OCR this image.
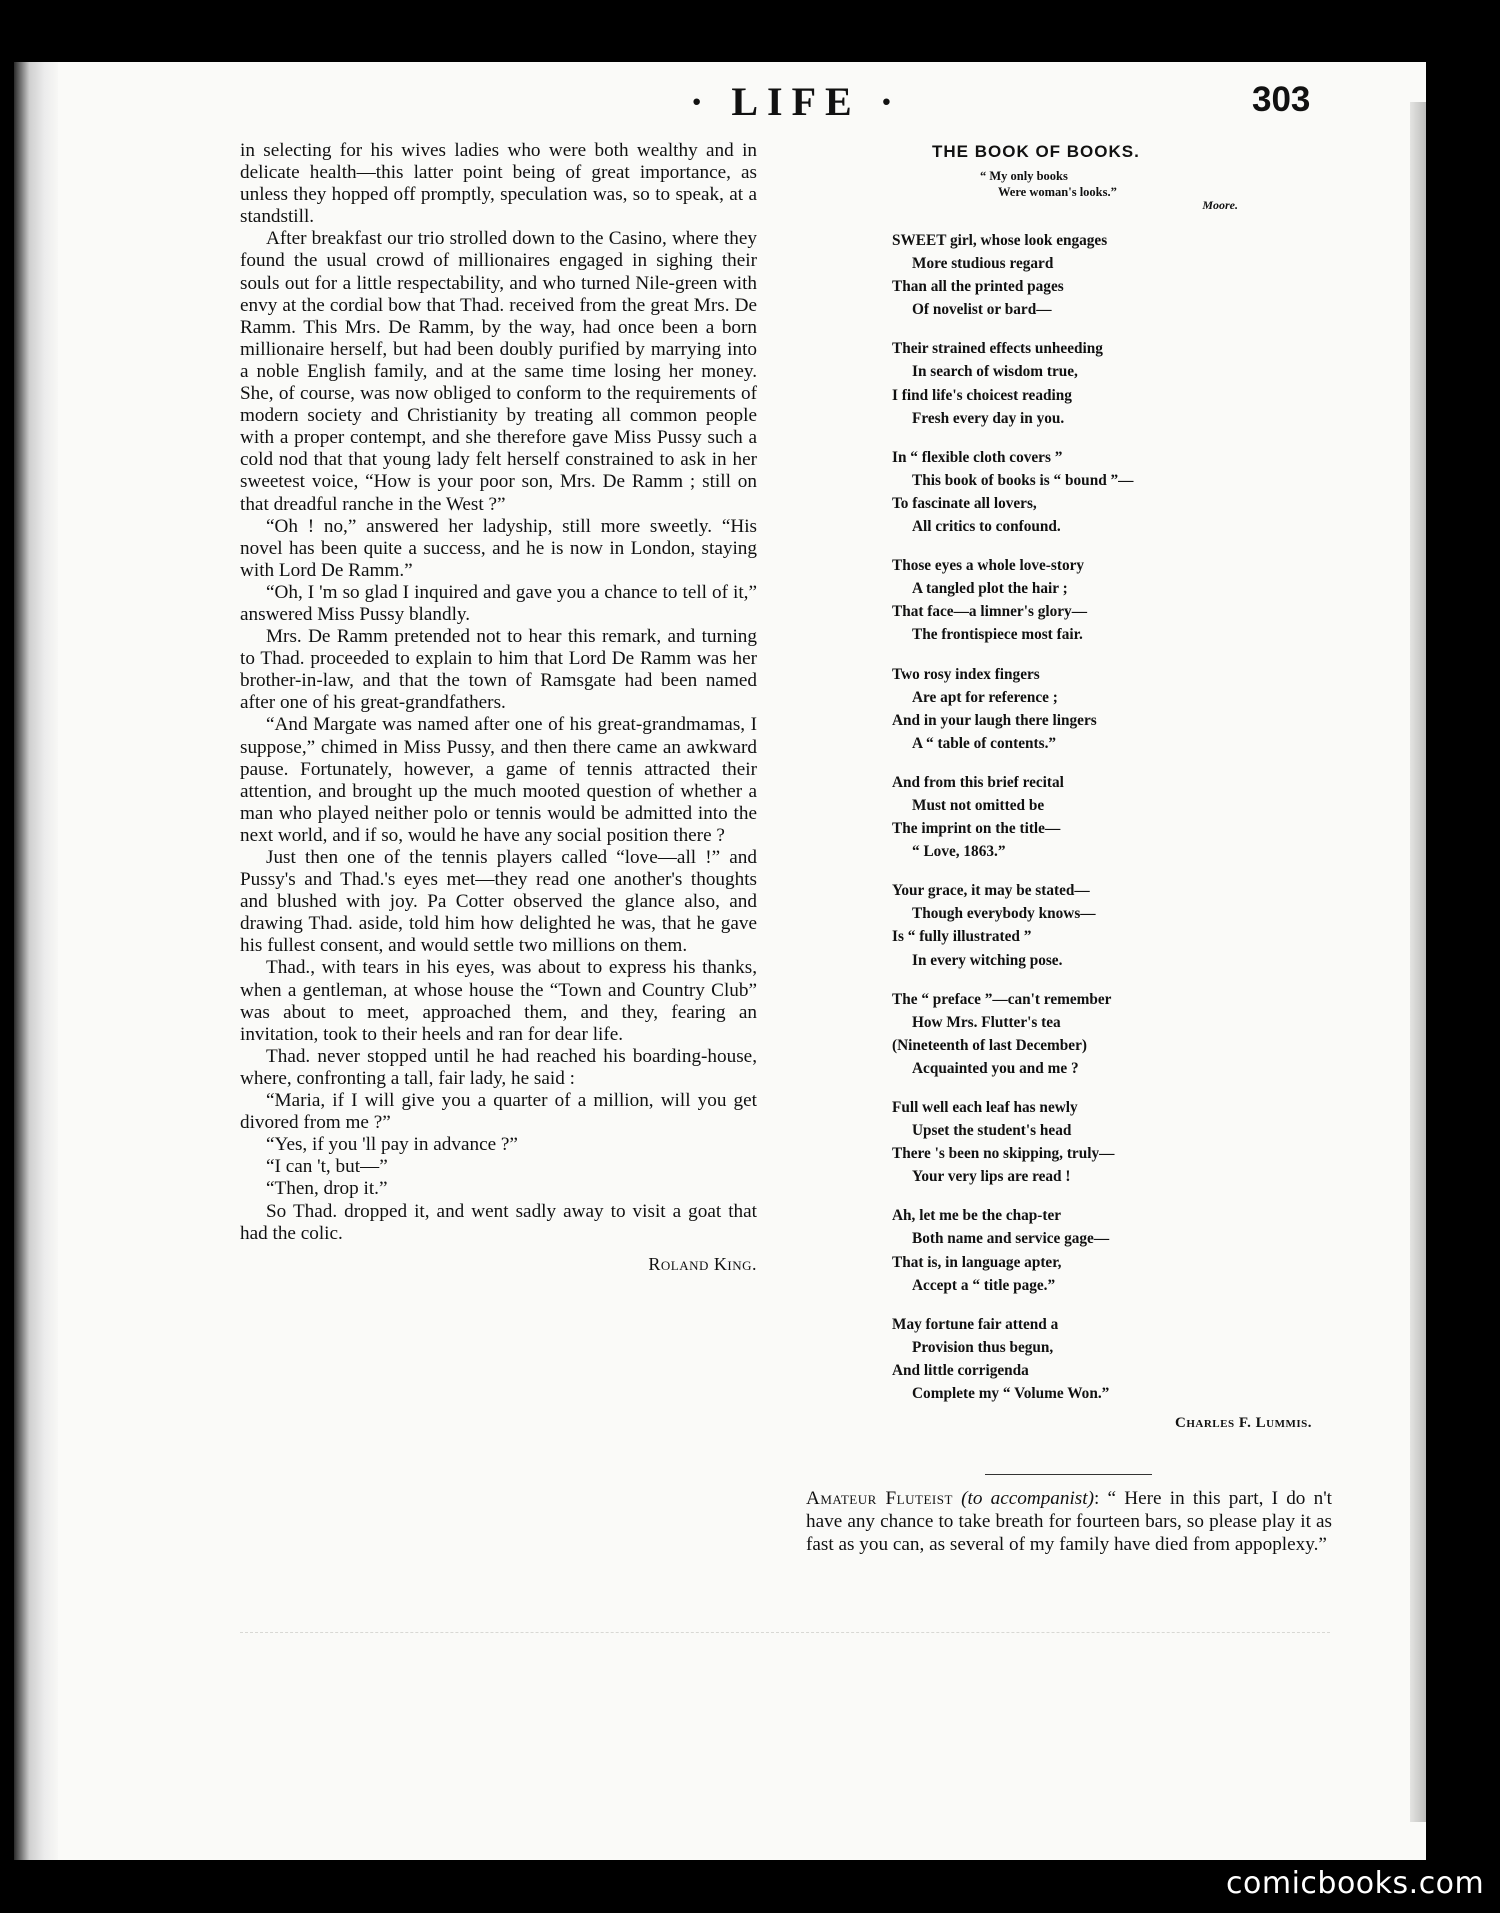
· LIFE ·	303

in selecting for his wives ladies who were both wealthy and in delicate health—this latter point being of great importance, as unless they hopped off promptly, speculation was, so to speak, at a standstill.

After breakfast our trio strolled down to the Casino, where they found the usual crowd of millionaires engaged in sighing their souls out for a little respectability, and who turned Nile-green with envy at the cordial bow that Thad. received from the great Mrs. De Ramm. This Mrs. De Ramm, by the way, had once been a born millionaire herself, but had been doubly purified by marrying into a noble English family, and at the same time losing her money. She, of course, was now obliged to conform to the requirements of modern society and Christianity by treating all common people with a proper contempt, and she therefore gave Miss Pussy such a cold nod that that young lady felt herself constrained to ask in her sweetest voice, “How is your poor son, Mrs. De Ramm ; still on that dreadful ranche in the West ?”

“Oh ! no,” answered her ladyship, still more sweetly. “His novel has been quite a success, and he is now in London, staying with Lord De Ramm.”

“Oh, I 'm so glad I inquired and gave you a chance to tell of it,” answered Miss Pussy blandly.

Mrs. De Ramm pretended not to hear this remark, and turning to Thad. proceeded to explain to him that Lord De Ramm was her brother-in-law, and that the town of Ramsgate had been named after one of his great-grandfathers.

“And Margate was named after one of his great-grandmamas, I suppose,” chimed in Miss Pussy, and then there came an awkward pause. Fortunately, however, a game of tennis attracted their attention, and brought up the much mooted question of whether a man who played neither polo or tennis would be admitted into the next world, and if so, would he have any social position there ?

Just then one of the tennis players called “love—all !” and Pussy's and Thad.'s eyes met—they read one another's thoughts and blushed with joy. Pa Cotter observed the glance also, and drawing Thad. aside, told him how delighted he was, that he gave his fullest consent, and would settle two millions on them.

Thad., with tears in his eyes, was about to express his thanks, when a gentleman, at whose house the “Town and Country Club” was about to meet, approached them, and they, fearing an invitation, took to their heels and ran for dear life.

Thad. never stopped until he had reached his boarding-house, where, confronting a tall, fair lady, he said :

“Maria, if I will give you a quarter of a million, will you get divored from me ?”

“Yes, if you 'll pay in advance ?”

“I can 't, but—”

“Then, drop it.”

So Thad. dropped it, and went sadly away to visit a goat that had the colic.

Roland King.
THE BOOK OF BOOKS.
“ My only books
Were woman's looks.”
Moore.
SWEET girl, whose look engages
More studious regard
Than all the printed pages
Of novelist or bard—
Their strained effects unheeding
In search of wisdom true,
I find life's choicest reading
Fresh every day in you.
In “ flexible cloth covers ”
This book of books is “ bound ”—
To fascinate all lovers,
All critics to confound.
Those eyes a whole love-story
A tangled plot the hair ;
That face—a limner's glory—
The frontispiece most fair.
Two rosy index fingers
Are apt for reference ;
And in your laugh there lingers
A “ table of contents.”
And from this brief recital
Must not omitted be
The imprint on the title—
“ Love, 1863.”
Your grace, it may be stated—
Though everybody knows—
Is “ fully illustrated ”
In every witching pose.
The “ preface ”—can't remember
How Mrs. Flutter's tea
(Nineteenth of last December)
Acquainted you and me ?
Full well each leaf has newly
Upset the student's head
There 's been no skipping, truly—
Your very lips are read !
Ah, let me be the chap-ter
Both name and service gage—
That is, in language apter,
Accept a “ title page.”
May fortune fair attend a
Provision thus begun,
And little corrigenda
Complete my “ Volume Won.”
Charles F. Lummis.
Amateur Fluteist (to accompanist): “ Here in this part, I do n't have any chance to take breath for fourteen bars, so please play it as fast as you can, as several of my family have died from appoplexy.”
comicbooks.com
